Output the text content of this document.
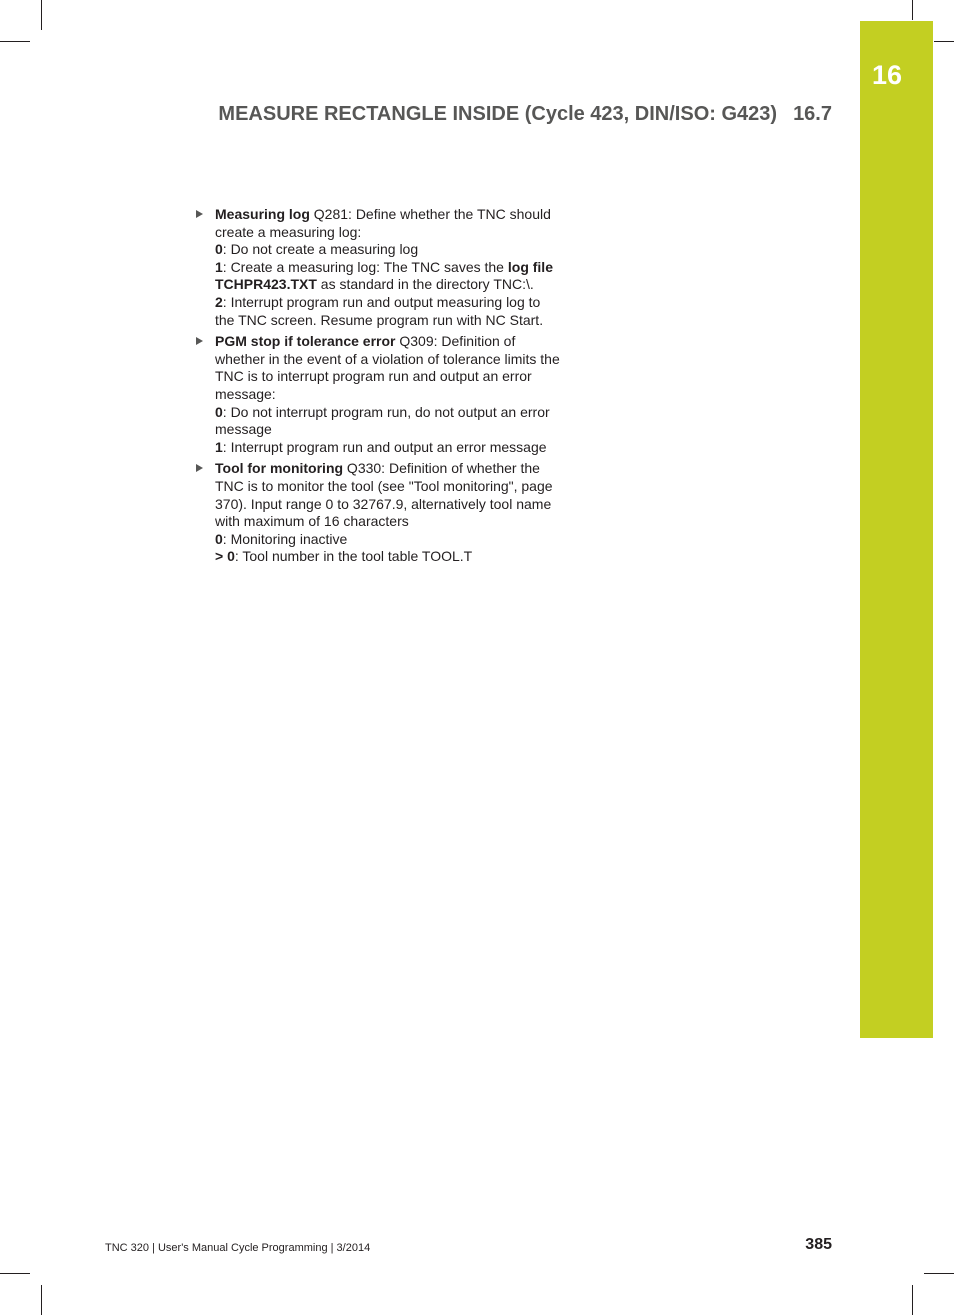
16
MEASURE RECTANGLE INSIDE (Cycle 423, DIN/ISO: G423) 16.7
Measuring log Q281: Define whether the TNC should create a measuring log:
0: Do not create a measuring log
1: Create a measuring log: The TNC saves the log file TCHPR423.TXT as standard in the directory TNC:\.
2: Interrupt program run and output measuring log to the TNC screen. Resume program run with NC Start.
PGM stop if tolerance error Q309: Definition of whether in the event of a violation of tolerance limits the TNC is to interrupt program run and output an error message:
0: Do not interrupt program run, do not output an error message
1: Interrupt program run and output an error message
Tool for monitoring Q330: Definition of whether the TNC is to monitor the tool (see "Tool monitoring", page 370). Input range 0 to 32767.9, alternatively tool name with maximum of 16 characters
0: Monitoring inactive
> 0: Tool number in the tool table TOOL.T
TNC 320 | User's Manual Cycle Programming | 3/2014	385
